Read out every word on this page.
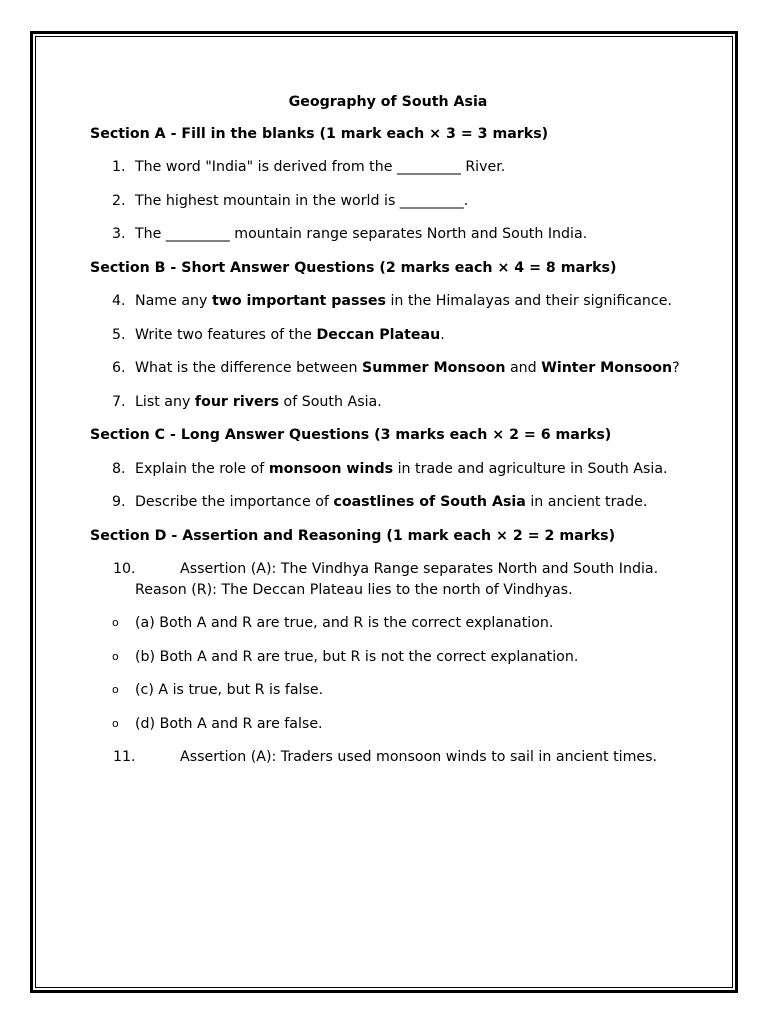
Geography of South Asia
Section A - Fill in the blanks (1 mark each × 3 = 3 marks)
1. The word "India" is derived from the _________ River.
2. The highest mountain in the world is _________.
3. The _________ mountain range separates North and South India.
Section B - Short Answer Questions (2 marks each × 4 = 8 marks)
4. Name any two important passes in the Himalayas and their significance.
5. Write two features of the Deccan Plateau.
6. What is the difference between Summer Monsoon and Winter Monsoon?
7. List any four rivers of South Asia.
Section C - Long Answer Questions (3 marks each × 2 = 6 marks)
8. Explain the role of monsoon winds in trade and agriculture in South Asia.
9. Describe the importance of coastlines of South Asia in ancient trade.
Section D - Assertion and Reasoning (1 mark each × 2 = 2 marks)
10.	Assertion (A): The Vindhya Range separates North and South India.
Reason (R): The Deccan Plateau lies to the north of Vindhyas.
o (a) Both A and R are true, and R is the correct explanation.
o (b) Both A and R are true, but R is not the correct explanation.
o (c) A is true, but R is false.
o (d) Both A and R are false.
11.	Assertion (A): Traders used monsoon winds to sail in ancient times.
